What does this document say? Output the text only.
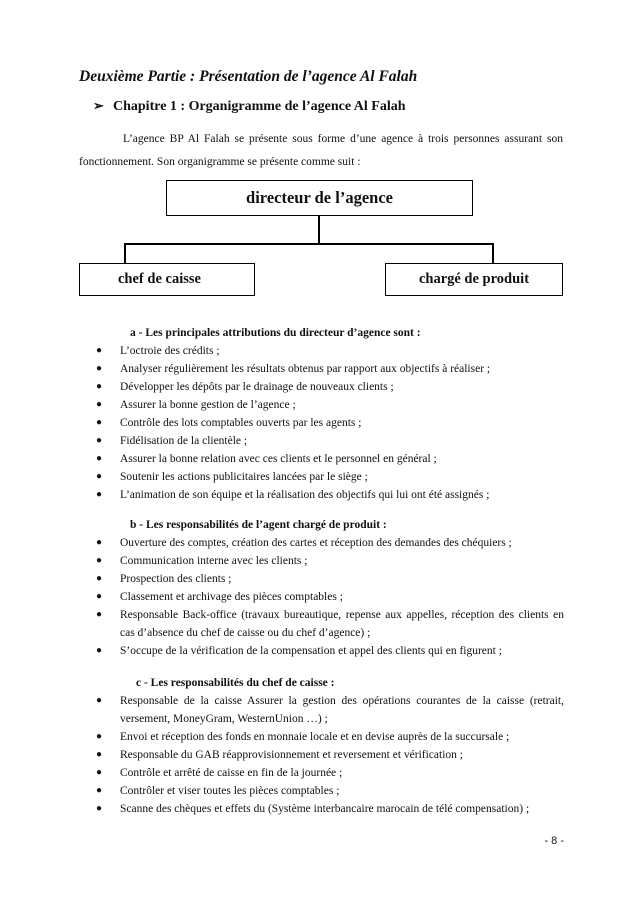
Deuxième Partie : Présentation de l’agence Al Falah
➢ Chapitre 1 : Organigramme de l’agence Al Falah
L’agence BP Al Falah se présente sous forme d’une agence à trois personnes assurant son fonctionnement. Son organigramme se présente comme suit :
directeur de l’agence
chef de caisse	chargé de produit
a - Les principales attributions du directeur d’agence sont :
●	L’octroie des crédits ;
●	Analyser régulièrement les résultats obtenus par rapport aux objectifs à réaliser ;
●	Développer les dépôts par le drainage de nouveaux clients ;
●	Assurer la bonne gestion de l’agence ;
●	Contrôle des lots comptables ouverts par les agents ;
●	Fidélisation de la clientèle ;
●	Assurer la bonne relation avec ces clients et le personnel en général ;
●	Soutenir les actions publicitaires lancées par le siège ;
●	L’animation de son équipe et la réalisation des objectifs qui lui ont été assignés ;
b - Les responsabilités de l’agent chargé de produit :
●	Ouverture des comptes, création des cartes et réception des demandes des chéquiers ;
●	Communication interne avec les clients ;
●	Prospection des clients ;
●	Classement et archivage des pièces comptables ;
●	Responsable Back-office (travaux bureautique, repense aux appelles, réception des clients en cas d’absence du chef de caisse ou du chef d’agence) ;
●	S’occupe de la vérification de la compensation et appel des clients qui en figurent ;
c - Les responsabilités du chef de caisse :
●	Responsable de la caisse Assurer la gestion des opérations courantes de la caisse (retrait, versement, MoneyGram, WesternUnion …) ;
●	Envoi et réception des fonds en monnaie locale et en devise auprès de la succursale ;
●	Responsable du GAB réapprovisionnement et reversement et vérification ;
●	Contrôle et arrêté de caisse en fin de la journée ;
●	Contrôler et viser toutes les pièces comptables ;
●	Scanne des chèques et effets du (Système interbancaire marocain de télé compensation) ;
- 8 -
